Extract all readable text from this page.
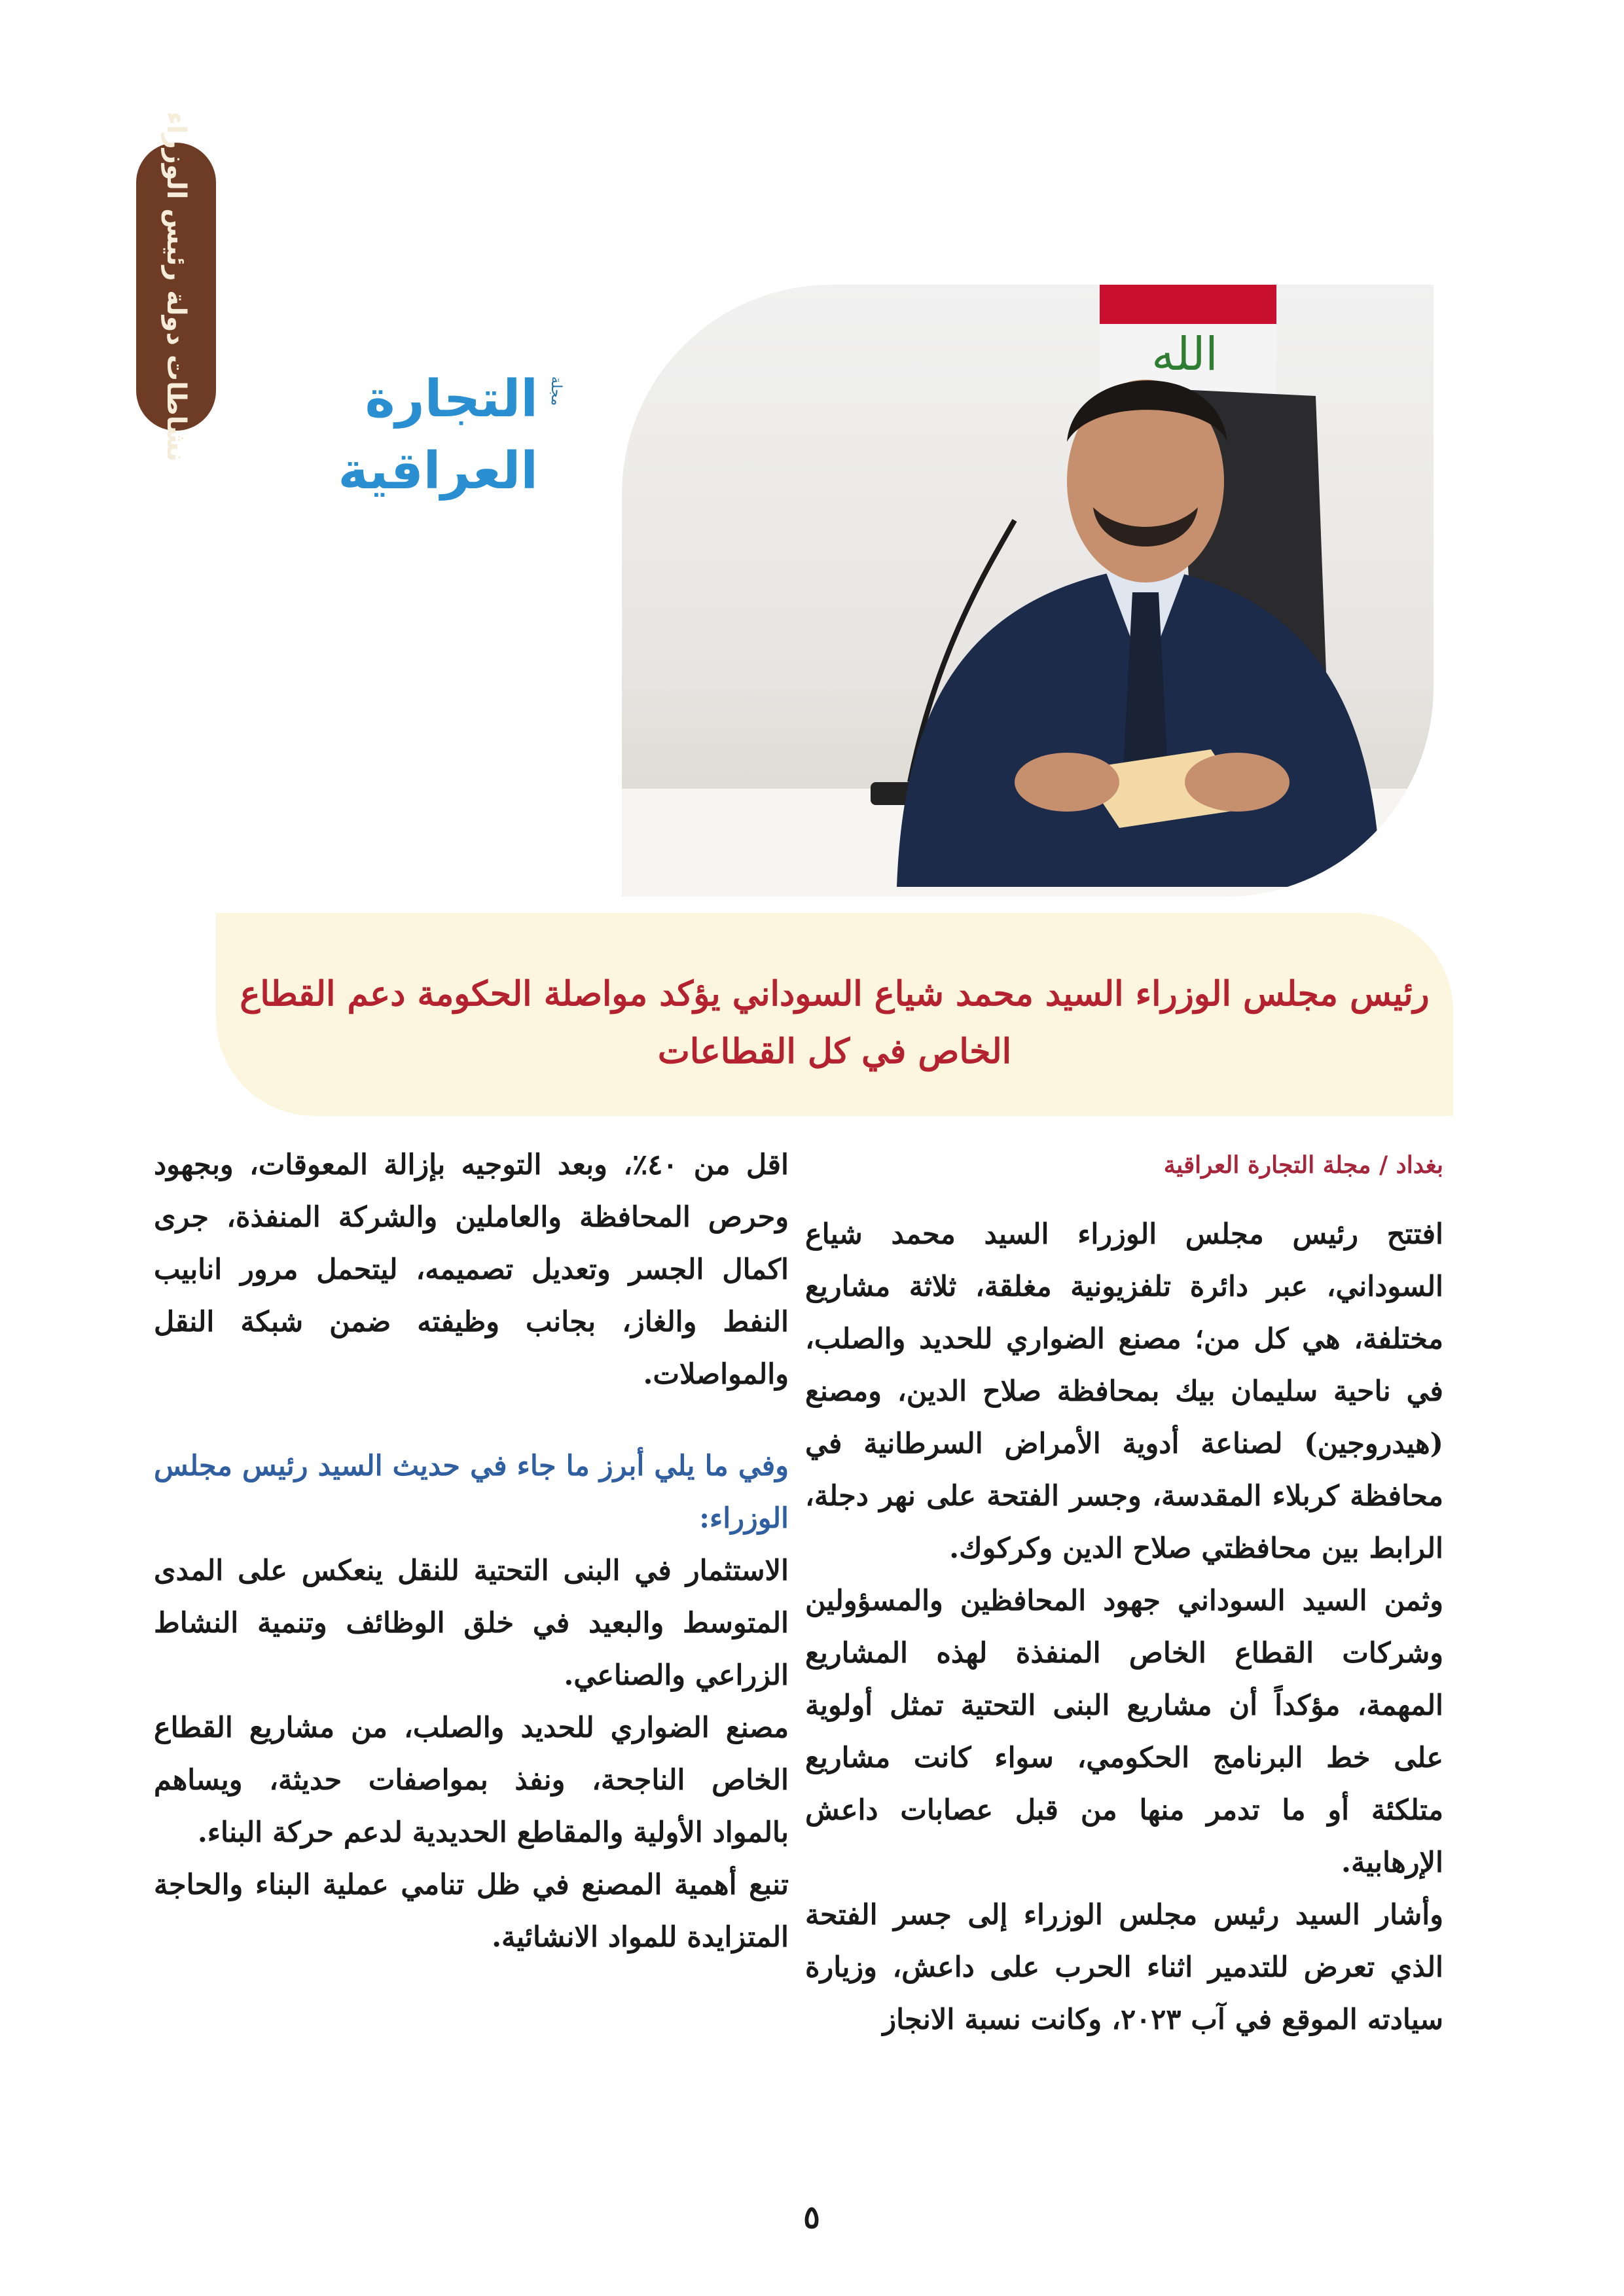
نشاطات دولة رئيس الوزراء	التجارة العراقية
مجلة
الله
رئيس مجلس الوزراء السيد محمد شياع السوداني يؤكد مواصلة الحكومة دعم القطاع الخاص في كل القطاعات

بغداد / مجلة التجارة العراقية

افتتح رئيس مجلس الوزراء السيد محمد شياع السوداني، عبر دائرة تلفزيونية مغلقة، ثلاثة مشاريع مختلفة، هي كل من؛ مصنع الضواري للحديد والصلب، في ناحية سليمان بيك بمحافظة صلاح الدين، ومصنع (هيدروجين) لصناعة أدوية الأمراض السرطانية في محافظة كربلاء المقدسة، وجسر الفتحة على نهر دجلة، الرابط بين محافظتي صلاح الدين وكركوك.

وثمن السيد السوداني جهود المحافظين والمسؤولين وشركات القطاع الخاص المنفذة لهذه المشاريع المهمة، مؤكداً أن مشاريع البنى التحتية تمثل أولوية على خط البرنامج الحكومي، سواء كانت مشاريع متلكئة أو ما تدمر منها من قبل عصابات داعش الإرهابية.

وأشار السيد رئيس مجلس الوزراء إلى جسر الفتحة الذي تعرض للتدمير اثناء الحرب على داعش، وزيارة سيادته الموقع في آب ٢٠٢٣، وكانت نسبة الانجاز

اقل من ٤٠٪، وبعد التوجيه بإزالة المعوقات، وبجهود وحرص المحافظة والعاملين والشركة المنفذة، جرى اكمال الجسر وتعديل تصميمه، ليتحمل مرور انابيب النفط والغاز، بجانب وظيفته ضمن شبكة النقل والمواصلات.

وفي ما يلي أبرز ما جاء في حديث السيد رئيس مجلس الوزراء:

الاستثمار في البنى التحتية للنقل ينعكس على المدى المتوسط والبعيد في خلق الوظائف وتنمية النشاط الزراعي والصناعي.

مصنع الضواري للحديد والصلب، من مشاريع القطاع الخاص الناجحة، ونفذ بمواصفات حديثة، ويساهم بالمواد الأولية والمقاطع الحديدية لدعم حركة البناء.

تنبع أهمية المصنع في ظل تنامي عملية البناء والحاجة المتزايدة للمواد الانشائية.

٥
